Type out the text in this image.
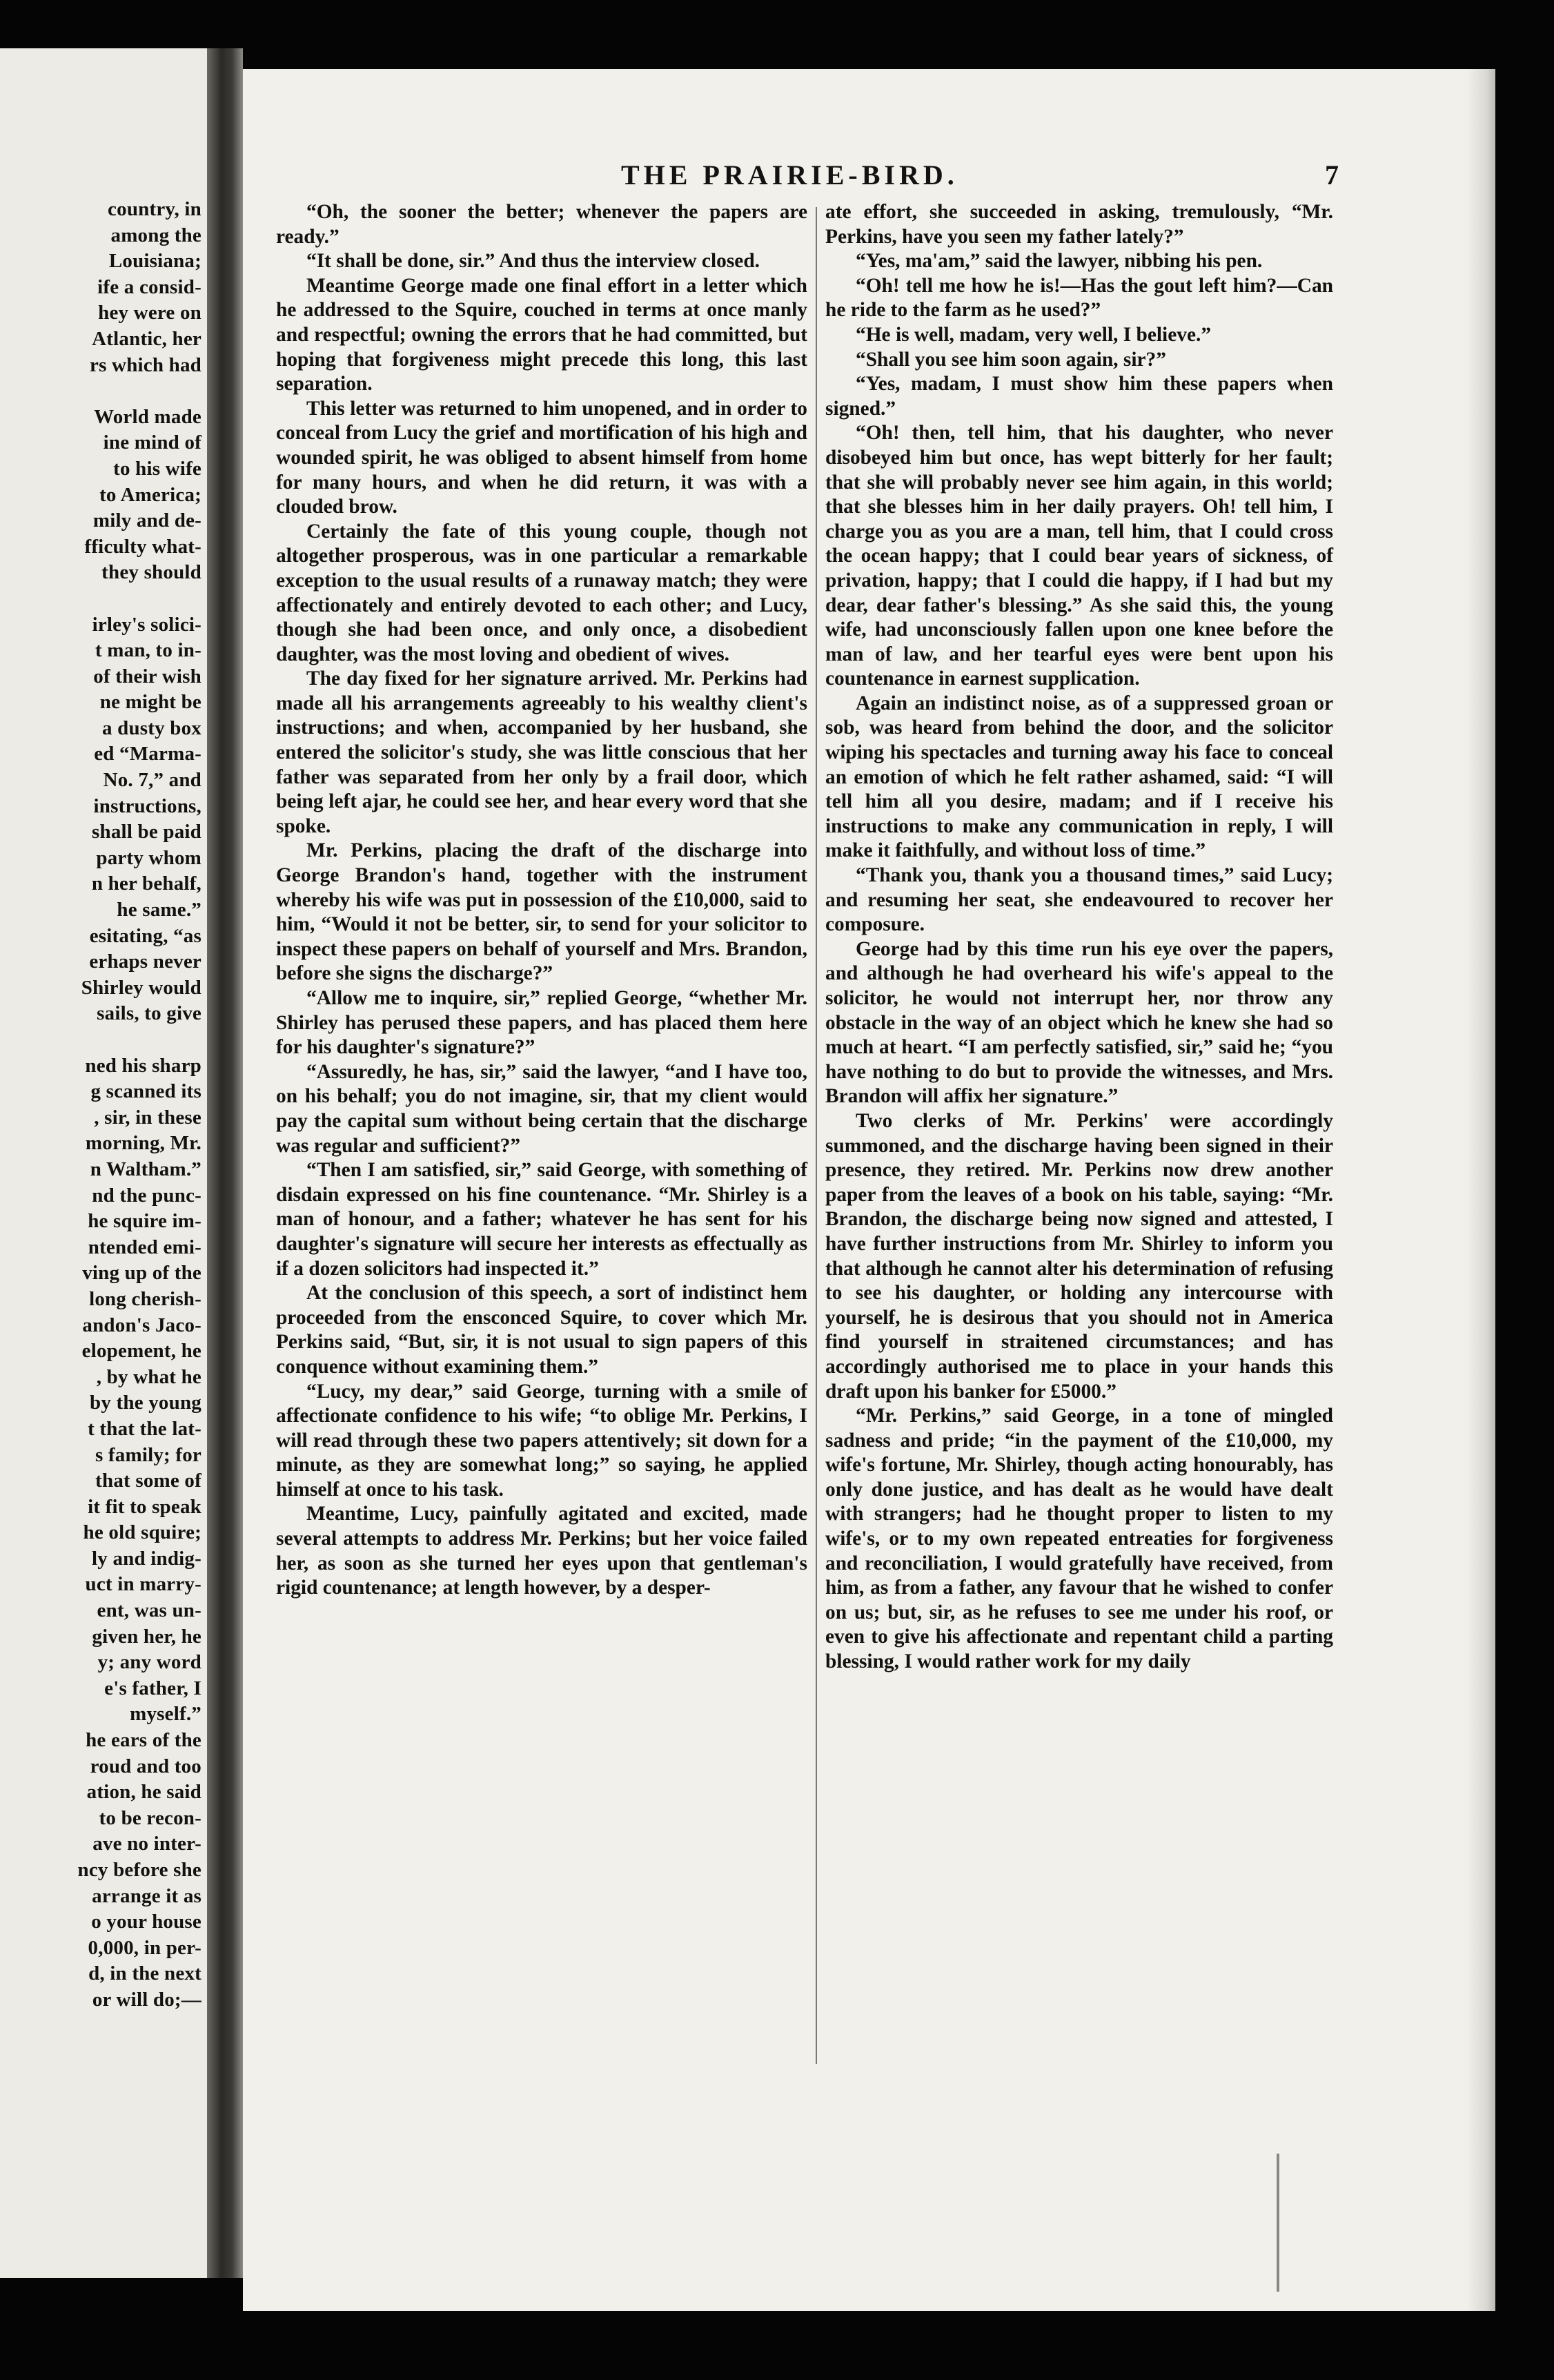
country, in
among the
Louisiana;
ife a consid-
hey were on
Atlantic, her
rs which had

World made
ine mind of
to his wife
to America;
mily and de-
fficulty what-
they should

irley's solici-
t man, to in-
of their wish
ne might be
a dusty box
ed “Marma-
No. 7,” and
instructions,
shall be paid
party whom
n her behalf,
he same.”
esitating, “as
erhaps never
Shirley would
sails, to give

ned his sharp
g scanned its
, sir, in these
morning, Mr.
n Waltham.”
nd the punc-
he squire im-
ntended emi-
ving up of the
long cherish-
andon's Jaco-
elopement, he
, by what he
by the young
t that the lat-
s family; for
that some of
it fit to speak
he old squire;
ly and indig-
uct in marry-
ent, was un-
given her, he
y; any word
e's father, I
myself.”
he ears of the
roud and too
ation, he said
to be recon-
ave no inter-
ncy before she
arrange it as
o your house
0,000, in per-
d, in the next
or will do;—
THE PRAIRIE-BIRD.	7

“Oh, the sooner the better; whenever the papers are ready.”

“It shall be done, sir.” And thus the interview closed.

Meantime George made one final effort in a letter which he addressed to the Squire, couched in terms at once manly and respectful; owning the errors that he had committed, but hoping that forgiveness might precede this long, this last separation.

This letter was returned to him unopened, and in order to conceal from Lucy the grief and mortification of his high and wounded spirit, he was obliged to absent himself from home for many hours, and when he did return, it was with a clouded brow.

Certainly the fate of this young couple, though not altogether prosperous, was in one particular a remarkable exception to the usual results of a runaway match; they were affectionately and entirely devoted to each other; and Lucy, though she had been once, and only once, a disobedient daughter, was the most loving and obedient of wives.

The day fixed for her signature arrived. Mr. Perkins had made all his arrangements agreeably to his wealthy client's instructions; and when, accompanied by her husband, she entered the solicitor's study, she was little conscious that her father was separated from her only by a frail door, which being left ajar, he could see her, and hear every word that she spoke.

Mr. Perkins, placing the draft of the discharge into George Brandon's hand, together with the instrument whereby his wife was put in possession of the £10,000, said to him, “Would it not be better, sir, to send for your solicitor to inspect these papers on behalf of yourself and Mrs. Brandon, before she signs the discharge?”

“Allow me to inquire, sir,” replied George, “whether Mr. Shirley has perused these papers, and has placed them here for his daughter's signature?”

“Assuredly, he has, sir,” said the lawyer, “and I have too, on his behalf; you do not imagine, sir, that my client would pay the capital sum without being certain that the discharge was regular and sufficient?”

“Then I am satisfied, sir,” said George, with something of disdain expressed on his fine countenance. “Mr. Shirley is a man of honour, and a father; whatever he has sent for his daughter's signature will secure her interests as effectually as if a dozen solicitors had inspected it.”

At the conclusion of this speech, a sort of indistinct hem proceeded from the ensconced Squire, to cover which Mr. Perkins said, “But, sir, it is not usual to sign papers of this conquence without examining them.”

“Lucy, my dear,” said George, turning with a smile of affectionate confidence to his wife; “to oblige Mr. Perkins, I will read through these two papers attentively; sit down for a minute, as they are somewhat long;” so saying, he applied himself at once to his task.

Meantime, Lucy, painfully agitated and excited, made several attempts to address Mr. Perkins; but her voice failed her, as soon as she turned her eyes upon that gentleman's rigid countenance; at length however, by a desper-

ate effort, she succeeded in asking, tremulously, “Mr. Perkins, have you seen my father lately?”

“Yes, ma'am,” said the lawyer, nibbing his pen.

“Oh! tell me how he is!—Has the gout left him?—Can he ride to the farm as he used?”

“He is well, madam, very well, I believe.”

“Shall you see him soon again, sir?”

“Yes, madam, I must show him these papers when signed.”

“Oh! then, tell him, that his daughter, who never disobeyed him but once, has wept bitterly for her fault; that she will probably never see him again, in this world; that she blesses him in her daily prayers. Oh! tell him, I charge you as you are a man, tell him, that I could cross the ocean happy; that I could bear years of sickness, of privation, happy; that I could die happy, if I had but my dear, dear father's blessing.” As she said this, the young wife, had unconsciously fallen upon one knee before the man of law, and her tearful eyes were bent upon his countenance in earnest supplication.

Again an indistinct noise, as of a suppressed groan or sob, was heard from behind the door, and the solicitor wiping his spectacles and turning away his face to conceal an emotion of which he felt rather ashamed, said: “I will tell him all you desire, madam; and if I receive his instructions to make any communication in reply, I will make it faithfully, and without loss of time.”

“Thank you, thank you a thousand times,” said Lucy; and resuming her seat, she endeavoured to recover her composure.

George had by this time run his eye over the papers, and although he had overheard his wife's appeal to the solicitor, he would not interrupt her, nor throw any obstacle in the way of an object which he knew she had so much at heart. “I am perfectly satisfied, sir,” said he; “you have nothing to do but to provide the witnesses, and Mrs. Brandon will affix her signature.”

Two clerks of Mr. Perkins' were accordingly summoned, and the discharge having been signed in their presence, they retired. Mr. Perkins now drew another paper from the leaves of a book on his table, saying: “Mr. Brandon, the discharge being now signed and attested, I have further instructions from Mr. Shirley to inform you that although he cannot alter his determination of refusing to see his daughter, or holding any intercourse with yourself, he is desirous that you should not in America find yourself in straitened circumstances; and has accordingly authorised me to place in your hands this draft upon his banker for £5000.”

“Mr. Perkins,” said George, in a tone of mingled sadness and pride; “in the payment of the £10,000, my wife's fortune, Mr. Shirley, though acting honourably, has only done justice, and has dealt as he would have dealt with strangers; had he thought proper to listen to my wife's, or to my own repeated entreaties for forgiveness and reconciliation, I would gratefully have received, from him, as from a father, any favour that he wished to confer on us; but, sir, as he refuses to see me under his roof, or even to give his affectionate and repentant child a parting blessing, I would rather work for my daily
